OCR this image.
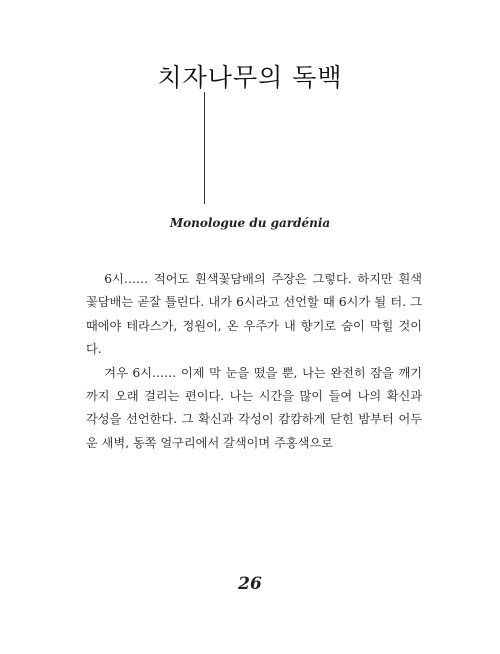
치자나무의 독백
Monologue du gardénia

6시…… 적어도 흰색꽃담배의 주장은 그렇다. 하지만 흰색꽃담배는 곧잘 틀린다. 내가 6시라고 선언할 때 6시가 될 터. 그때에야 테라스가, 정원이, 온 우주가 내 향기로 숨이 막힐 것이다.

겨우 6시…… 이제 막 눈을 떴을 뿐, 나는 완전히 잠을 깨기까지 오래 걸리는 편이다. 나는 시간을 많이 들여 나의 확신과 각성을 선언한다. 그 확신과 각성이 캄캄하게 닫힌 밤부터 어두운 새벽, 동쪽 얼구리에서 갈색이며 주홍색으로

26
